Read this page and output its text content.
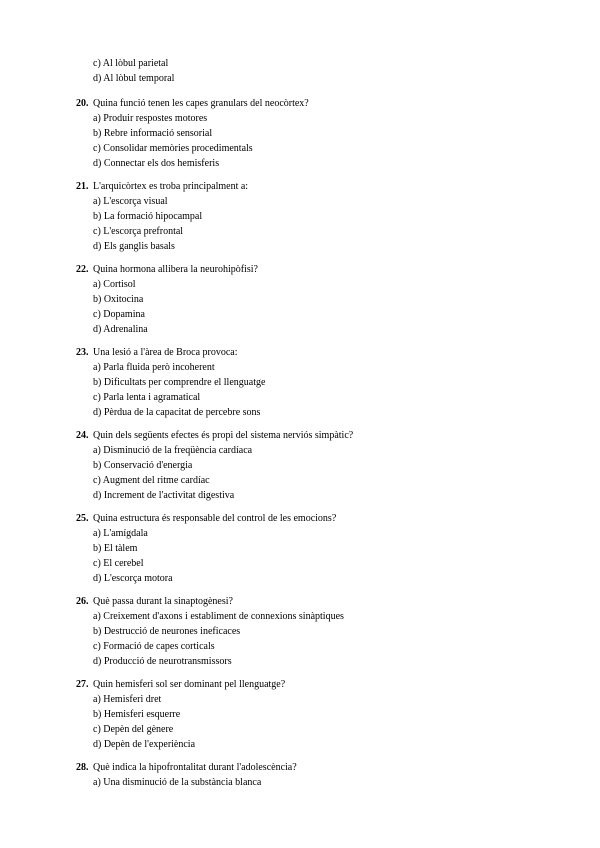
c) Al lòbul parietal
d) Al lòbul temporal
20. Quina funció tenen les capes granulars del neocòrtex?
a) Produir respostes motores
b) Rebre informació sensorial
c) Consolidar memòries procedimentals
d) Connectar els dos hemisferis
21. L'arquicòrtex es troba principalment a:
a) L'escorça visual
b) La formació hipocampal
c) L'escorça prefrontal
d) Els ganglis basals
22. Quina hormona allibera la neurohipòfisi?
a) Cortisol
b) Oxitocina
c) Dopamina
d) Adrenalina
23. Una lesió a l'àrea de Broca provoca:
a) Parla fluida però incoherent
b) Dificultats per comprendre el llenguatge
c) Parla lenta i agramatical
d) Pèrdua de la capacitat de percebre sons
24. Quin dels següents efectes és propi del sistema nerviós simpàtic?
a) Disminució de la freqüència cardíaca
b) Conservació d'energia
c) Augment del ritme cardíac
d) Increment de l'activitat digestiva
25. Quina estructura és responsable del control de les emocions?
a) L'amígdala
b) El tàlem
c) El cerebel
d) L'escorça motora
26. Què passa durant la sinaptogènesi?
a) Creixement d'axons i establiment de connexions sinàptiques
b) Destrucció de neurones ineficaces
c) Formació de capes corticals
d) Producció de neurotransmissors
27. Quin hemisferi sol ser dominant pel llenguatge?
a) Hemisferi dret
b) Hemisferi esquerre
c) Depèn del gènere
d) Depèn de l'experiència
28. Què indica la hipofrontalitat durant l'adolescència?
a) Una disminució de la substància blanca
